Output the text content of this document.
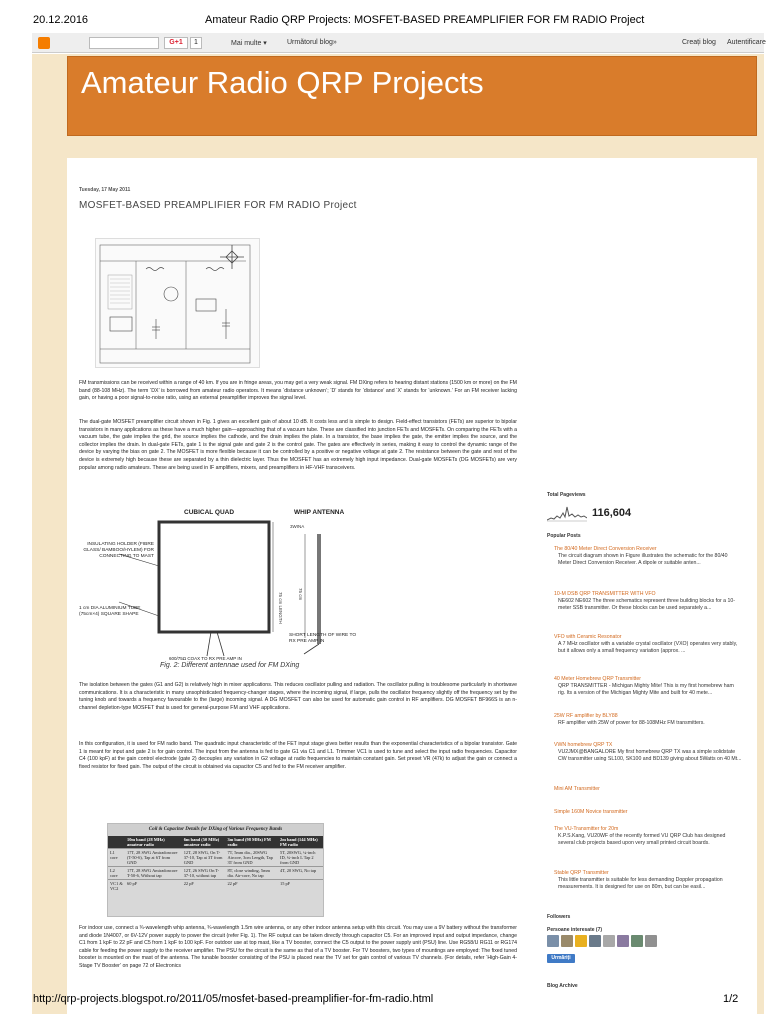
20.12.2016	Amateur Radio QRP Projects: MOSFET-BASED PREAMPLIFIER FOR FM RADIO Project
G+1	1	Mai multe ▾	Următorul blog»	Creați blog Autentificare
Amateur Radio QRP Projects
Tuesday, 17 May 2011
MOSFET-BASED PREAMPLIFIER FOR FM RADIO Project

FM transmissions can be received within a range of 40 km. If you are in fringe areas, you may get a very weak signal. FM DXing refers to hearing distant stations (1500 km or more) on the FM band (88-108 MHz). The term ‘DX’ is borrowed from amateur radio operators. It means ‘distance unknown’; ‘D’ stands for ‘distance’ and ‘X’ stands for ‘unknown.’ For an FM receiver lacking gain, or having a poor signal-to-noise ratio, using an external preamplifier improves the signal level.

The dual-gate MOSFET preamplifier circuit shown in Fig. 1 gives an excellent gain of about 10 dB. It costs less and is simple to design. Field-effect transistors (FETs) are superior to bipolar transistors in many applications as these have a much higher gain—approaching that of a vacuum tube. These are classified into junction FETs and MOSFETs. On comparing the FETs with a vacuum tube, the gate implies the grid, the source implies the cathode, and the drain implies the plate. In a transistor, the base implies the gate, the emitter implies the source, and the collector implies the drain. In dual-gate FETs, gate 1 is the signal gate and gate 2 is the control gate. The gates are effectively in series, making it easy to control the dynamic range of the device by varying the bias on gate 2. The MOSFET is more flexible because it can be controlled by a positive or negative voltage at gate 2. The resistance between the gate and rest of the device is extremely high because these are separated by a thin dielectric layer. Thus the MOSFET has an extremely high input impedance. Dual-gate MOSFETs (DG MOSFETs) are very popular among radio amateurs. These are being used in IF amplifiers, mixers, and preamplifiers in HF-VHF transceivers.

CUBICAL QUAD	WHIP ANTENNA
75 cm LENGTH	75 cm
3WINA
INSULATING HOLDER (FIBRE GLASS/ BAMBOO/HYLEM) FOR CONNECTING TO MAST
1 cm DIA ALUMINIUM TUBE (75cm×4) SQUARE SHAPE
600/75Ω COAX TO RX PRE AMP IN
SHORT LENGTH OF WIRE TO RX PRE AMP IN
Fig. 2: Different antennae used for FM DXing

The isolation between the gates (G1 and G2) is relatively high in mixer applications. This reduces oscillator pulling and radiation. The oscillator pulling is troublesome particularly in shortwave communications. It is a characteristic in many unsophisticated frequency-changer stages, where the incoming signal, if large, pulls the oscillator frequency slightly off the frequency set by the tuning knob and towards a frequency favourable to the (large) incoming signal. A DG MOSFET can also be used for automatic gain control in RF amplifiers. DG MOSFET BF966S is an n-channel depletion-type MOSFET that is used for general-purpose FM and VHF applications.

In this configuration, it is used for FM radio band. The quadratic input characteristic of the FET input stage gives better results than the exponential characteristics of a bipolar transistor. Gate 1 is meant for input and gate 2 is for gain control. The input from the antenna is fed to gate G1 via C1 and L1. Trimmer VC1 is used to tune and select the input radio frequencies. Capacitor C4 (100 kpF) at the gain control electrode (gate 2) decouples any variation in G2 voltage at radio frequencies to maintain constant gain. Set preset VR (47k) to adjust the gain or connect a fixed resistor for fixed gain. The output of the circuit is obtained via capacitor C5 and fed to the FM receiver amplifier.

Coil & Capacitor Details for DXing of Various Frequency Bands
	10m band (28 MHz) amateur radio	6m band (50 MHz) amateur radio	3m band (98 MHz) FM radio	2m band (144 MHz) FM radio
L1 core	17T, 28 SWG Amiradoncore (T-50-6), Tap at 6T from GND	12T, 28 SWG, On T-37-10, Tap at 3T from GND	7T, 5mm dia., 20SWG Aircore, 3cm Length, Tap 3T from GND	5T, 20SWG, ¼-inch ID, ¾-inch L Tap 2 from GND
L2 core	17T, 28 SWG Amiradoncore T-50-6, Without tap	12T, 26 SWG On T-37-10, without tap	8T, close winding, 5mm dia. Air-core, No tap	4T, 20 SWG, No tap
VC1 & VC2	60 pF	22 pF	22 pF	15 pF

For indoor use, connect a ¾-wavelength whip antenna, ¾-wavelength 1.5m wire antenna, or any other indoor antenna setup with this circuit. You may use a 9V battery without the transformer and diode 1N4007, or 6V-12V power supply to power the circuit (refer Fig. 1). The RF output can be taken directly through capacitor C5. For an improved input and output impedance, change C1 from 1 kpF to 22 pF and C5 from 1 kpF to 100 kpF. For outdoor use at top mast, like a TV booster, connect the C5 output to the power supply unit (PSU) line. Use RG58/U RG11 or RG174 cable for feeding the power supply to the receiver amplifier. The PSU for the circuit is the same as that of a TV booster. For TV boosters, two types of mountings are employed: The fixed tuned booster is mounted on the mast of the antenna. The tunable booster consisting of the PSU is placed near the TV set for gain control of various TV channels. (For details, refer ‘High-Gain 4-Stage TV Booster’ on page 72 of Electronics

Total Pageviews
116,604
Popular Posts
The 80/40 Meter Direct Conversion Receiver
The circuit diagram shown in Figure illustrates the schematic for the 80/40 Meter Direct Conversion Receiver. A dipole or suitable anten...
10-M DSB QRP TRANSMITTER WITH VFO
NE602 NE602 The three schematics represent three building blocks for a 10-meter SSB transmitter. Or these blocks can be used separately a...
VFO with Ceramic Resonator
A 7 MHz oscillator with a variable crystal oscillator (VXO) operates very stably, but it allows only a small frequency variation (approx. ...
40 Meter Homebrew QRP Transmitter
QRP TRANSMITTER - Michigan Mighty Mite! This is my first homebrew ham rig. Its a version of the Michigan Mighty Mite and built for 40 mete...
25W RF amplifier by BLY88
RF amplifier with 25W of power for 88-108MHz FM transmitters.
VWN homebrew QRP TX
VU2JMX@BANGALORE My first homebrew QRP TX was a simple solidstate CW transmitter using SL100, SK100 and BD139 giving about 5Watts on 40 Mt...
Mini AM Transmitter
Simple 160M Novice transmitter
The VU-Transmitter for 20m
K.P.S.Kang, VU20WF of the recently formed VU QRP Club has designed several club projects based upon very small printed circuit boards.
Stable QRP Transmitter
This little transmitter is suitable for less demanding Doppler propagation measurements. It is designed for use on 80m, but can be easil...
Followers
Persoane interesate (7)
Urmăriți
Blog Archive
http://qrp-projects.blogspot.ro/2011/05/mosfet-based-preamplifier-for-fm-radio.html	1/2
